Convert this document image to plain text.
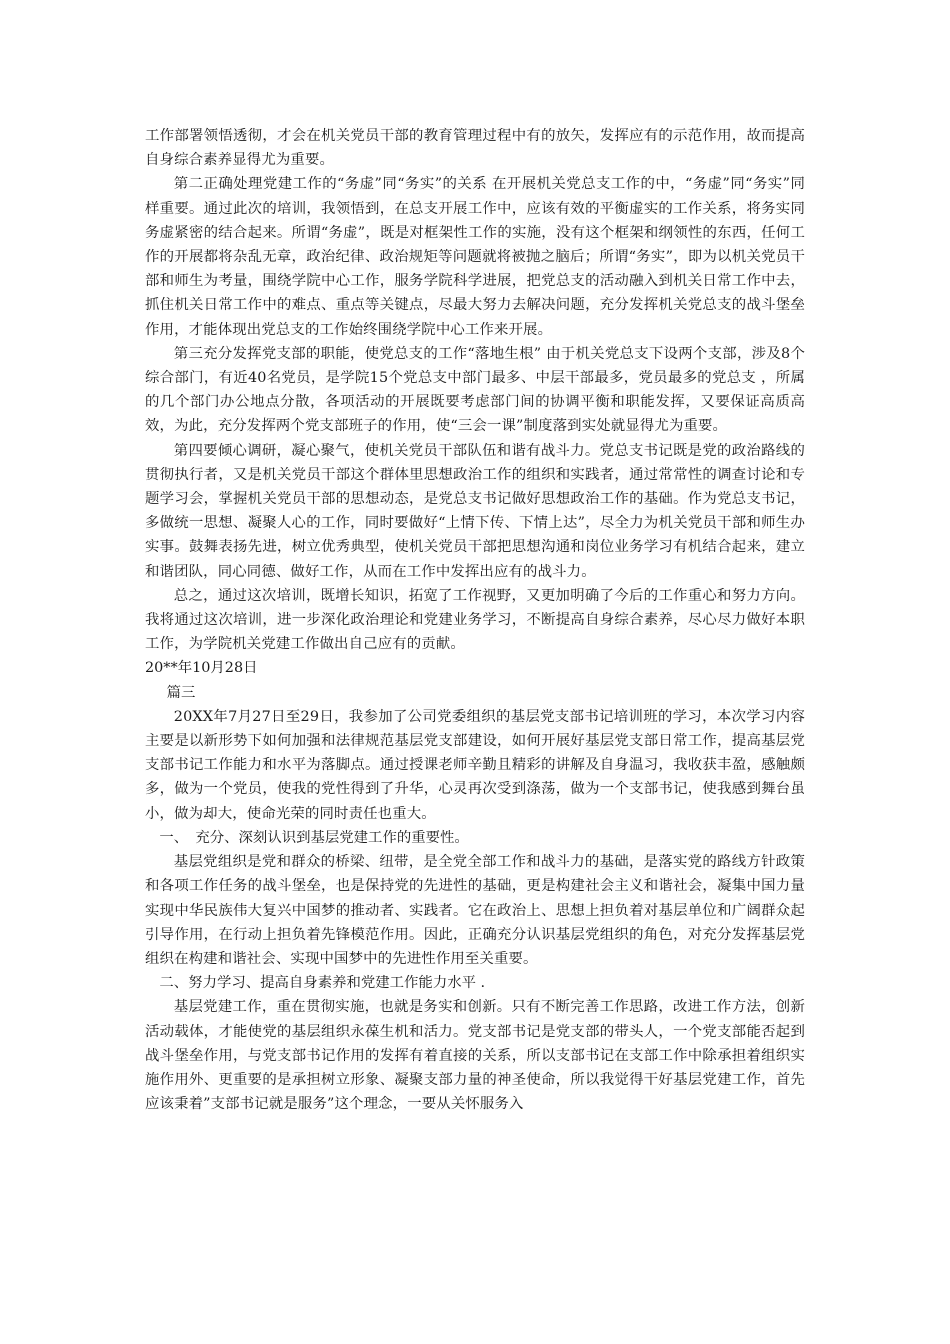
工作部署领悟透彻，才会在机关党员干部的教育管理过程中有的放矢，发挥应有的示范作用，故而提高自身综合素养显得尤为重要。

第二正确处理党建工作的“务虚”同“务实”的关系 在开展机关党总支工作的中，“务虚”同“务实”同样重要。通过此次的培训，我领悟到，在总支开展工作中，应该有效的平衡虚实的工作关系，将务实同务虚紧密的结合起来。所谓“务虚”，既是对框架性工作的实施，没有这个框架和纲领性的东西，任何工作的开展都将杂乱无章，政治纪律、政治规矩等问题就将被抛之脑后；所谓“务实”，即为以机关党员干部和师生为考量，围绕学院中心工作，服务学院科学进展，把党总支的活动融入到机关日常工作中去，抓住机关日常工作中的难点、重点等关键点，尽最大努力去解决问题，充分发挥机关党总支的战斗堡垒作用，才能体现出党总支的工作始终围绕学院中心工作来开展。

第三充分发挥党支部的职能，使党总支的工作“落地生根” 由于机关党总支下设两个支部，涉及8个综合部门，有近40名党员，是学院15个党总支中部门最多、中层干部最多，党员最多的党总支 ，所属的几个部门办公地点分散，各项活动的开展既要考虑部门间的协调平衡和职能发挥，又要保证高质高效，为此，充分发挥两个党支部班子的作用，使“三会一课”制度落到实处就显得尤为重要。

第四要倾心调研，凝心聚气，使机关党员干部队伍和谐有战斗力。党总支书记既是党的政治路线的贯彻执行者，又是机关党员干部这个群体里思想政治工作的组织和实践者，通过常常性的调查讨论和专题学习会，掌握机关党员干部的思想动态，是党总支书记做好思想政治工作的基础。作为党总支书记，多做统一思想、凝聚人心的工作，同时要做好“上情下传、下情上达”，尽全力为机关党员干部和师生办实事。鼓舞表扬先进，树立优秀典型，使机关党员干部把思想沟通和岗位业务学习有机结合起来，建立和谐团队，同心同德、做好工作，从而在工作中发挥出应有的战斗力。

总之，通过这次培训，既增长知识，拓宽了工作视野，又更加明确了今后的工作重心和努力方向。我将通过这次培训，进一步深化政治理论和党建业务学习，不断提高自身综合素养，尽心尽力做好本职工作，为学院机关党建工作做出自己应有的贡献。

20**年10月28日

篇三

20XX年7月27日至29日，我参加了公司党委组织的基层党支部书记培训班的学习，本次学习内容主要是以新形势下如何加强和法律规范基层党支部建设，如何开展好基层党支部日常工作，提高基层党支部书记工作能力和水平为落脚点。通过授课老师辛勤且精彩的讲解及自身温习，我收获丰盈，感触颇多，做为一个党员，使我的党性得到了升华，心灵再次受到涤荡，做为一个支部书记，使我感到舞台虽小，做为却大，使命光荣的同时责任也重大。

一、　充分、深刻认识到基层党建工作的重要性。

基层党组织是党和群众的桥梁、纽带，是全党全部工作和战斗力的基础，是落实党的路线方针政策和各项工作任务的战斗堡垒，也是保持党的先进性的基础，更是构建社会主义和谐社会，凝集中国力量实现中华民族伟大复兴中国梦的推动者、实践者。它在政治上、思想上担负着对基层单位和广阔群众起引导作用，在行动上担负着先锋模范作用。因此，正确充分认识基层党组织的角色，对充分发挥基层党组织在构建和谐社会、实现中国梦中的先进性作用至关重要。

二、努力学习、提高自身素养和党建工作能力水平 .

基层党建工作，重在贯彻实施，也就是务实和创新。只有不断完善工作思路，改进工作方法，创新活动载体，才能使党的基层组织永葆生机和活力。党支部书记是党支部的带头人，一个党支部能否起到战斗堡垒作用，与党支部书记作用的发挥有着直接的关系，所以支部书记在支部工作中除承担着组织实施作用外、更重要的是承担树立形象、凝聚支部力量的神圣使命，所以我觉得干好基层党建工作，首先应该秉着”支部书记就是服务”这个理念，一要从关怀服务入
